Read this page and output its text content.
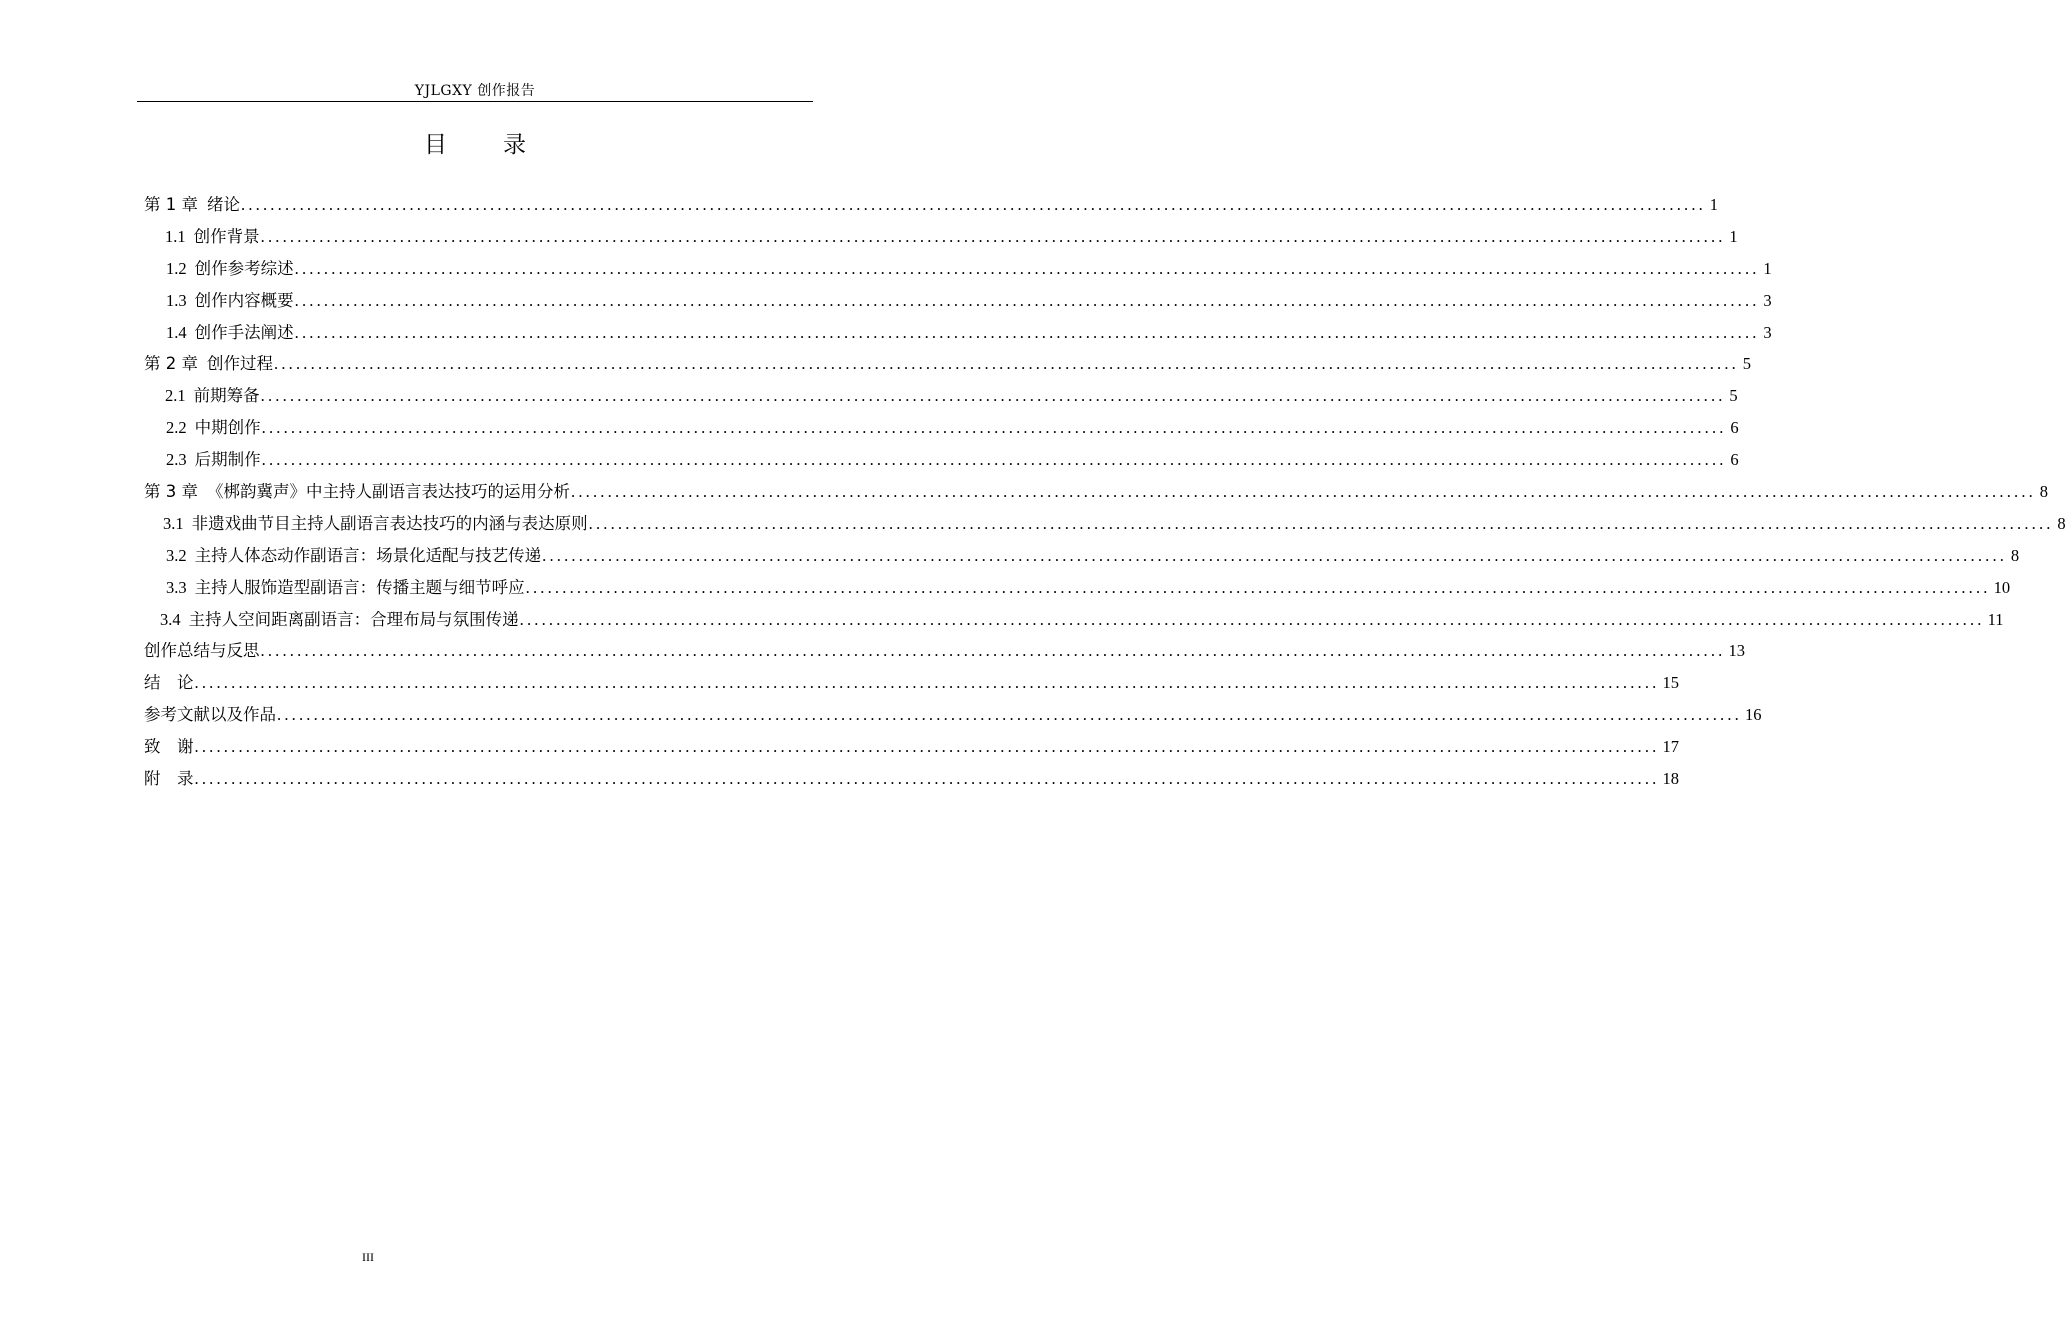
YJLGXY 创作报告
目录
第 1 章 绪论 ........................................................................................................................................................................................................ 1
1.1 创作背景 ........................................................................................................................................................................................................ 1
1.2 创作参考综述 ........................................................................................................................................................................................................ 1
1.3 创作内容概要 ........................................................................................................................................................................................................ 3
1.4 创作手法阐述 ........................................................................................................................................................................................................ 3
第 2 章 创作过程 ........................................................................................................................................................................................................ 5
2.1 前期筹备 ........................................................................................................................................................................................................ 5
2.2 中期创作 ........................................................................................................................................................................................................ 6
2.3 后期制作 ........................................................................................................................................................................................................ 6
第 3 章 《梆韵冀声》中主持人副语言表达技巧的运用分析 ........................................................................................................................................................................................................ 8
3.1 非遗戏曲节目主持人副语言表达技巧的内涵与表达原则 ........................................................................................................................................................................................................ 8
3.2 主持人体态动作副语言：场景化适配与技艺传递 ........................................................................................................................................................................................................ 8
3.3 主持人服饰造型副语言：传播主题与细节呼应 ........................................................................................................................................................................................................ 10
3.4 主持人空间距离副语言：合理布局与氛围传递 ........................................................................................................................................................................................................ 11
创作总结与反思 ........................................................................................................................................................................................................ 13
结　论 ........................................................................................................................................................................................................ 15
参考文献以及作品 ........................................................................................................................................................................................................ 16
致　谢 ........................................................................................................................................................................................................ 17
附　录 ........................................................................................................................................................................................................ 18
III
